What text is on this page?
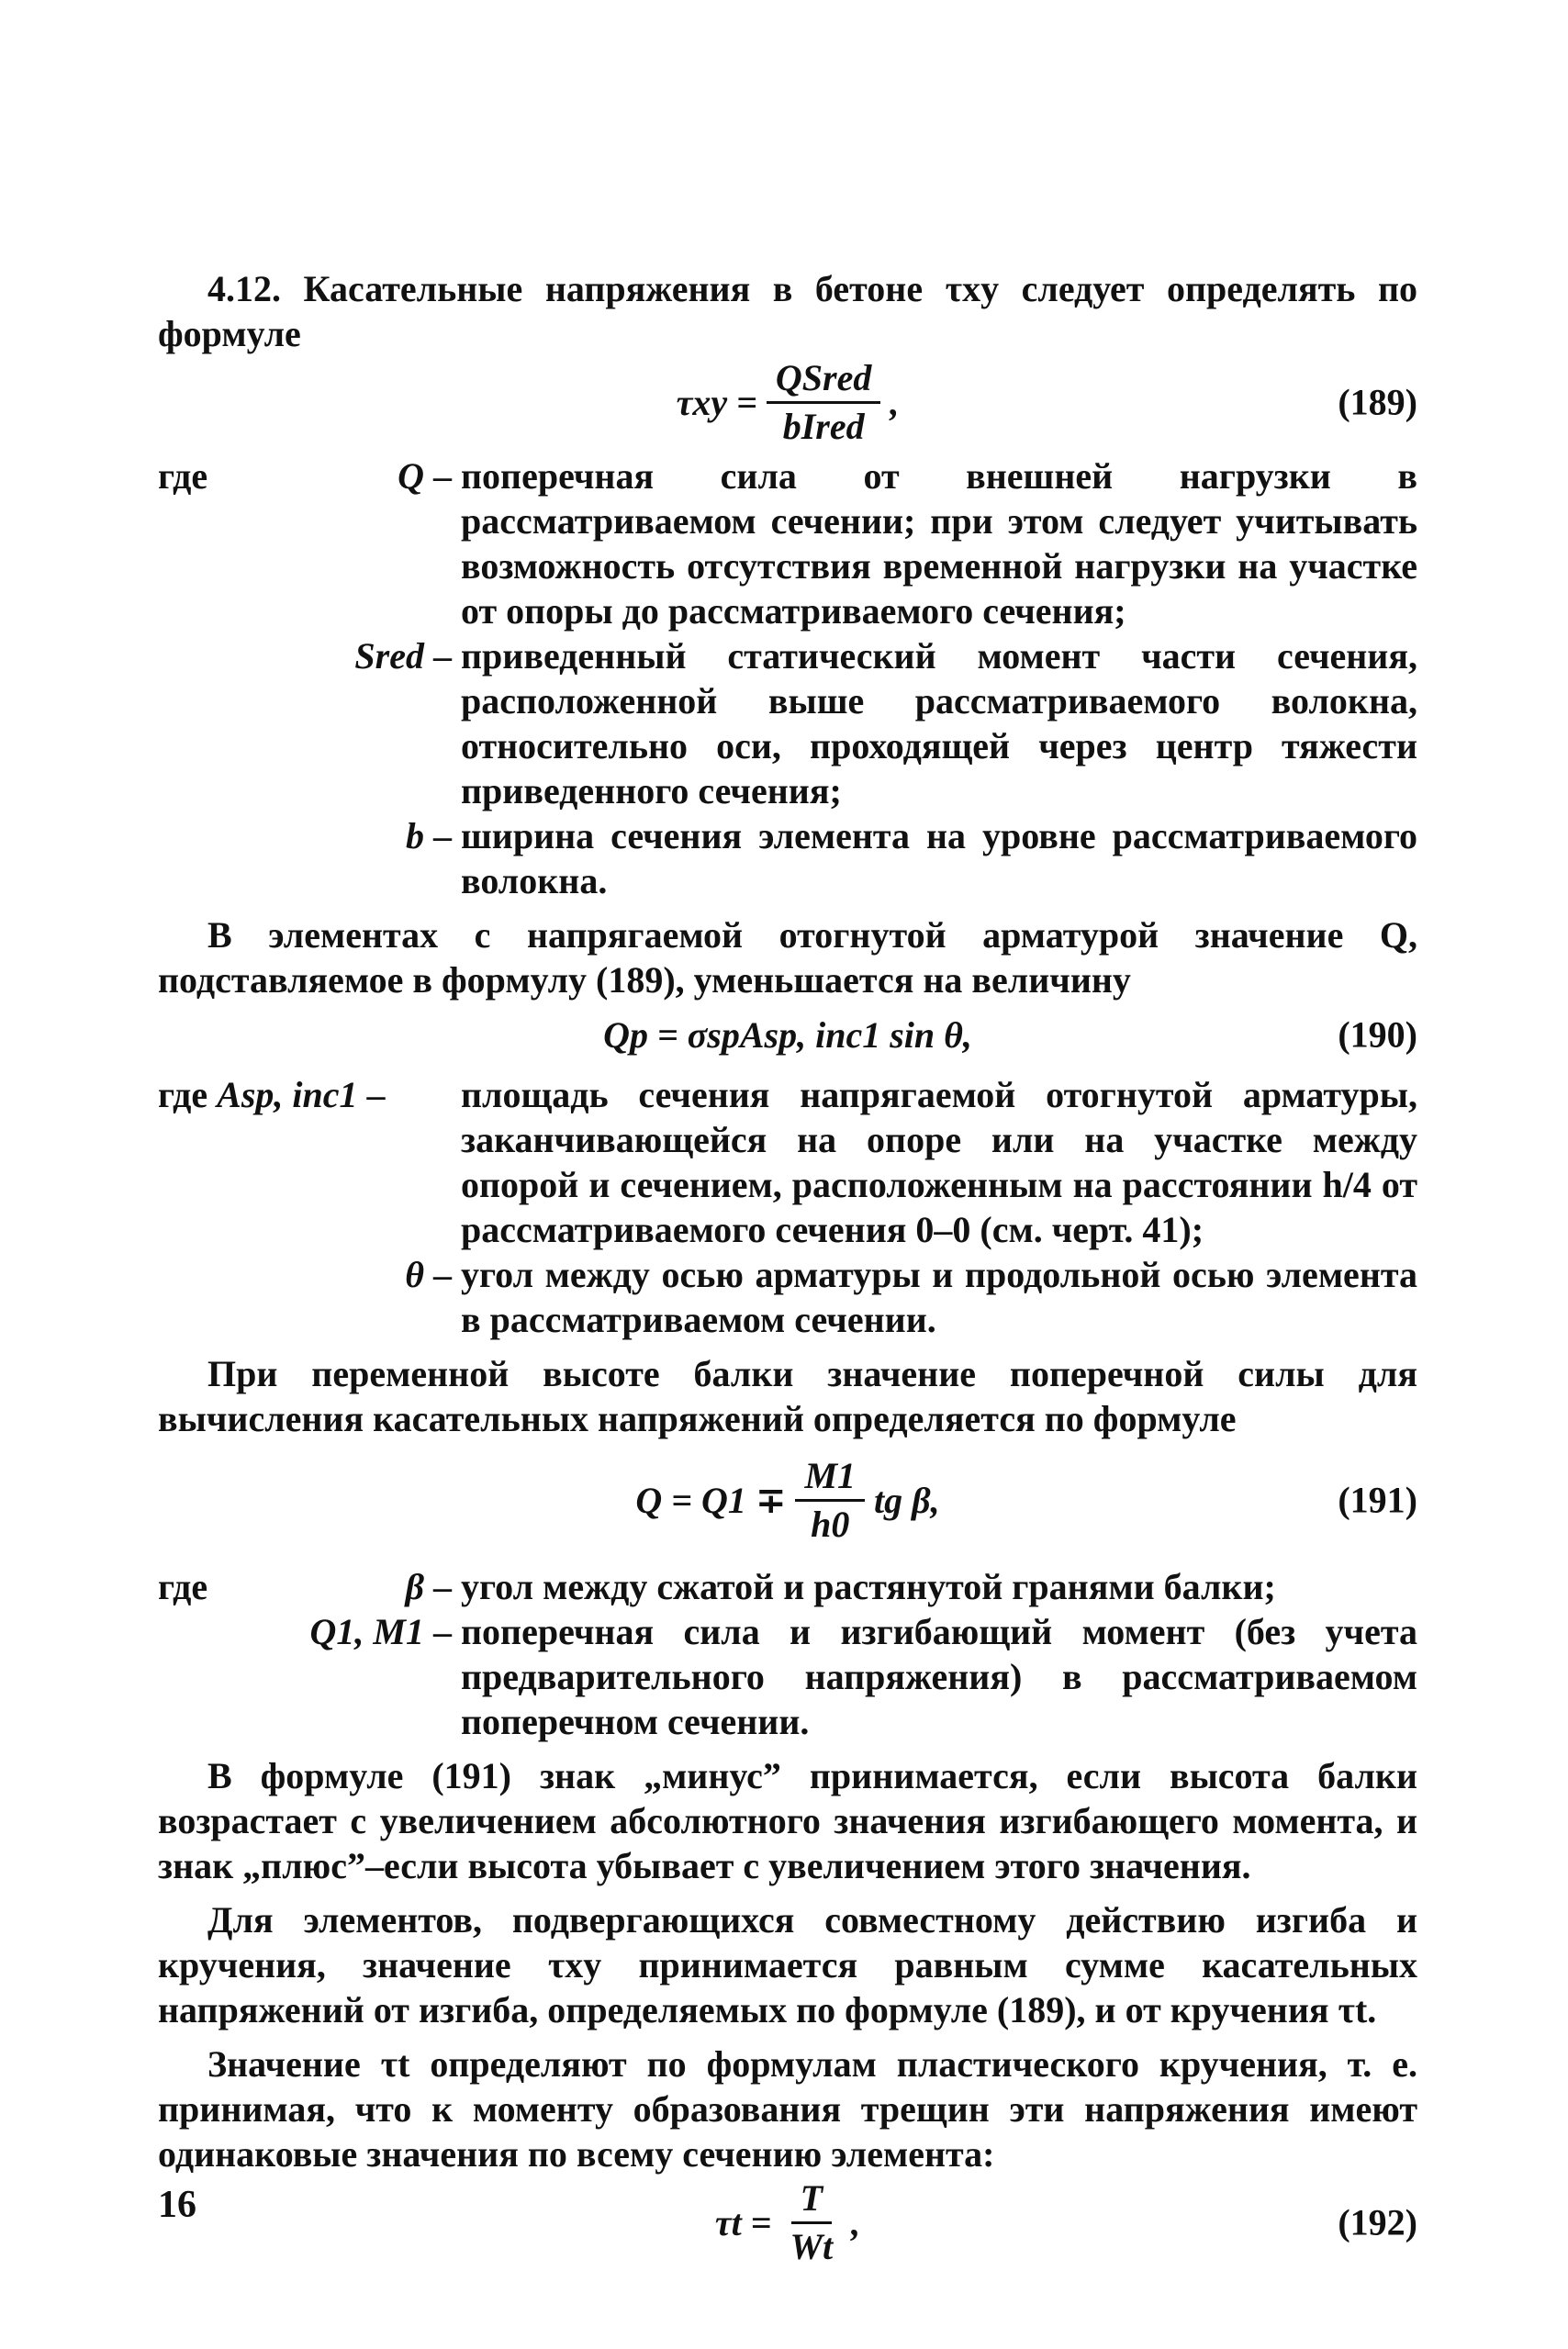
4.12. Касательные напряжения в бетоне τxy следует определять по формуле

$\tau xy = \frac{\text{QSred}}{\text{bIred}}$ ,	(189)
где	Q – поперечная сила от внешней нагрузки в рассматриваемом сечении; при этом следует учитывать возможность отсутствия временной нагрузки на участке от опоры до рассматриваемого сечения;
Sred – приведенный статический момент части сечения, расположенной выше рассматриваемого волокна, относительно оси, проходящей через центр тяжести приведенного сечения;
b – ширина сечения элемента на уровне рассматриваемого волокна.

В элементах с напрягаемой отогнутой арматурой значение Q, подставляемое в формулу (189), уменьшается на величину

Qp = σspAsp, inc1 sin θ,	(190)
где Asp, inc1 –	площадь сечения напрягаемой отогнутой арматуры, заканчивающейся на опоре или на участке между опорой и сечением, расположенным на расстоянии h/4 от рассматриваемого сечения 0–0 (см. черт. 41);
θ – угол между осью арматуры и продольной осью элемента в рассматриваемом сечении.

При переменной высоте балки значение поперечной силы для вычисления касательных напряжений определяется по формуле

$Q = Q1 \mp \frac{M1}{h0}$ tg β,	(191)
где	β – угол между сжатой и растянутой гранями балки;
Q1, M1 – поперечная сила и изгибающий момент (без учета предварительного напряжения) в рассматриваемом поперечном сечении.

В формуле (191) знак „минус” принимается, если высота балки возрастает с увеличением абсолютного значения изгибающего момента, и знак „плюс”–если высота убывает с увеличением этого значения.

Для элементов, подвергающихся совместному действию изгиба и кручения, значение τxy принимается равным сумме касательных напряжений от изгиба, определяемых по формуле (189), и от кручения τt.

Значение τt определяют по формулам пластического кручения, т. е. принимая, что к моменту образования трещин эти напряжения имеют одинаковые значения по всему сечению элемента:

$\tau t = \frac{T}{Wt}$ ,	(192)
16
